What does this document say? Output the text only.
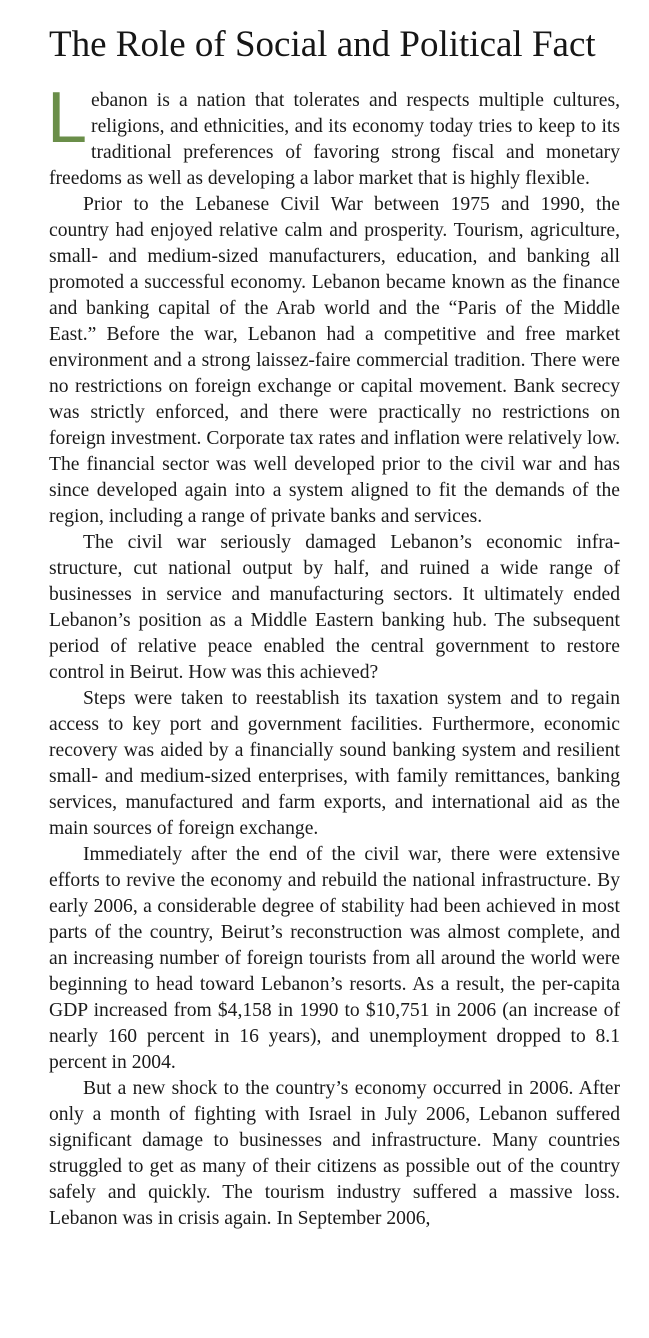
The Role of Social and Political Fact

Lebanon is a nation that tolerates and respects multiple cultures, religions, and ethnicities, and its economy today tries to keep to its traditional preferences of favoring strong fiscal and monetary freedoms as well as developing a labor market that is highly flexible.

Prior to the Lebanese Civil War between 1975 and 1990, the country had enjoyed relative calm and prosperity. Tourism, agriculture, small- and medium-sized manufacturers, education, and banking all promoted a successful economy. Lebanon became known as the finance and banking capital of the Arab world and the “Paris of the Middle East.” Before the war, Lebanon had a competitive and free market environment and a strong laissez-faire commercial tradition. There were no restrictions on foreign exchange or capital movement. Bank secrecy was strictly enforced, and there were practically no restrictions on foreign investment. Corporate tax rates and inflation were relatively low. The financial sector was well developed prior to the civil war and has since developed again into a system aligned to fit the demands of the region, including a range of private banks and services.

The civil war seriously damaged Lebanon’s economic infrastructure, cut national output by half, and ruined a wide range of businesses in service and manufacturing sectors. It ultimately ended Lebanon’s position as a Middle Eastern banking hub. The subsequent period of relative peace enabled the central government to restore control in Beirut. How was this achieved?

Steps were taken to reestablish its taxation system and to regain access to key port and government facilities. Furthermore, economic recovery was aided by a financially sound banking system and resilient small- and medium-sized enterprises, with family remittances, banking services, manufactured and farm exports, and international aid as the main sources of foreign exchange.

Immediately after the end of the civil war, there were extensive efforts to revive the economy and rebuild the national infrastructure. By early 2006, a considerable degree of stability had been achieved in most parts of the country, Beirut’s reconstruction was almost complete, and an increasing number of foreign tourists from all around the world were beginning to head toward Lebanon’s resorts. As a result, the per-capita GDP increased from $4,158 in 1990 to $10,751 in 2006 (an increase of nearly 160 percent in 16 years), and unemployment dropped to 8.1 percent in 2004.

But a new shock to the country’s economy occurred in 2006. After only a month of fighting with Israel in July 2006, Lebanon suffered significant damage to businesses and infrastructure. Many countries struggled to get as many of their citizens as possible out of the country safely and quickly. The tourism industry suffered a massive loss. Lebanon was in crisis again. In September 2006,
